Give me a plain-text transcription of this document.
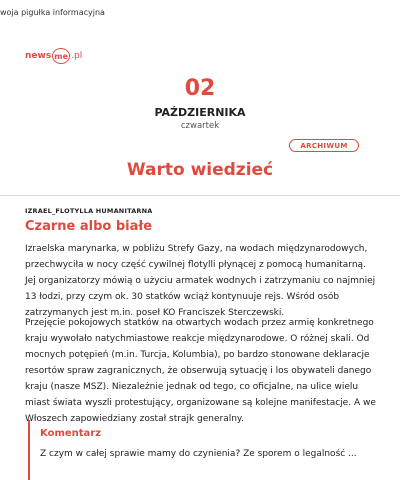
woja pigułka informacyjna
news me .pl
02
PAŹDZIERNIKA
czwartek
ARCHIWUM
Warto wiedzieć
IZRAEL_FLOTYLLA HUMANITARNA
Czarne albo białe
Izraelska marynarka, w pobliżu Strefy Gazy, na wodach międzynarodowych, przechwyciła w nocy część cywilnej flotylli płynącej z pomocą humanitarną. Jej organizatorzy mówią o użyciu armatek wodnych i zatrzymaniu co najmniej 13 łodzi, przy czym ok. 30 statków wciąż kontynuuje rejs. Wśród osób zatrzymanych jest m.in. poseł KO Franciszek Sterczewski.
Przejęcie pokojowych statków na otwartych wodach przez armię konkretnego kraju wywołało natychmiastowe reakcje międzynarodowe. O różnej skali. Od mocnych potępień (m.in. Turcja, Kolumbia), po bardzo stonowane deklaracje resortów spraw zagranicznych, że obserwują sytuację i los obywateli danego kraju (nasze MSZ). Niezależnie jednak od tego, co oficjalne, na ulice wielu miast świata wyszli protestujący, organizowane są kolejne manifestacje. A we Włoszech zapowiedziany został strajk generalny.
Komentarz
Z czym w całej sprawie mamy do czynienia? Ze sporem o legalność ...
